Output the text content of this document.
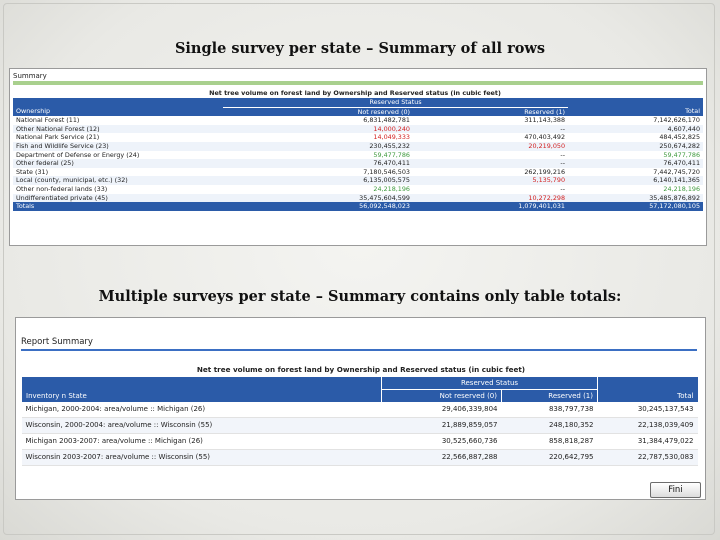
Single survey per state – Summary of all rows
Summary
Net tree volume on forest land by Ownership and Reserved status (in cubic feet)
	Reserved Status		
Ownership	Not reserved (0)	Reserved (1)	Total
National Forest (11)	6,831,482,781	311,143,388	7,142,626,170
Other National Forest (12)	14,000,240	--	4,607,440
National Park Service (21)	14,049,333	470,403,492	484,452,825
Fish and Wildlife Service (23)	230,455,232	20,219,050	250,674,282
Department of Defense or Energy (24)	59,477,786	--	59,477,786
Other federal (25)	76,470,411	--	76,470,411
State (31)	7,180,546,503	262,199,216	7,442,745,720
Local (county, municipal, etc.) (32)	6,135,005,575	5,135,790	6,140,141,365
Other non-federal lands (33)	24,218,196	--	24,218,196
Undifferentiated private (45)	35,475,604,599	10,272,298	35,485,876,892
Totals	56,092,548,023	1,079,401,031	57,172,080,105
Multiple surveys per state – Summary contains only table totals:
Report Summary
Net tree volume on forest land by Ownership and Reserved status (in cubic feet)
	Reserved Status		
Inventory n State	Not reserved (0)	Reserved (1)	Total
Michigan, 2000-2004: area/volume :: Michigan (26)	29,406,339,804	838,797,738	30,245,137,543
Wisconsin, 2000-2004: area/volume :: Wisconsin (55)	21,889,859,057	248,180,352	22,138,039,409
Michigan 2003-2007: area/volume :: Michigan (26)	30,525,660,736	858,818,287	31,384,479,022
Wisconsin 2003-2007: area/volume :: Wisconsin (55)	22,566,887,288	220,642,795	22,787,530,083
Fini
